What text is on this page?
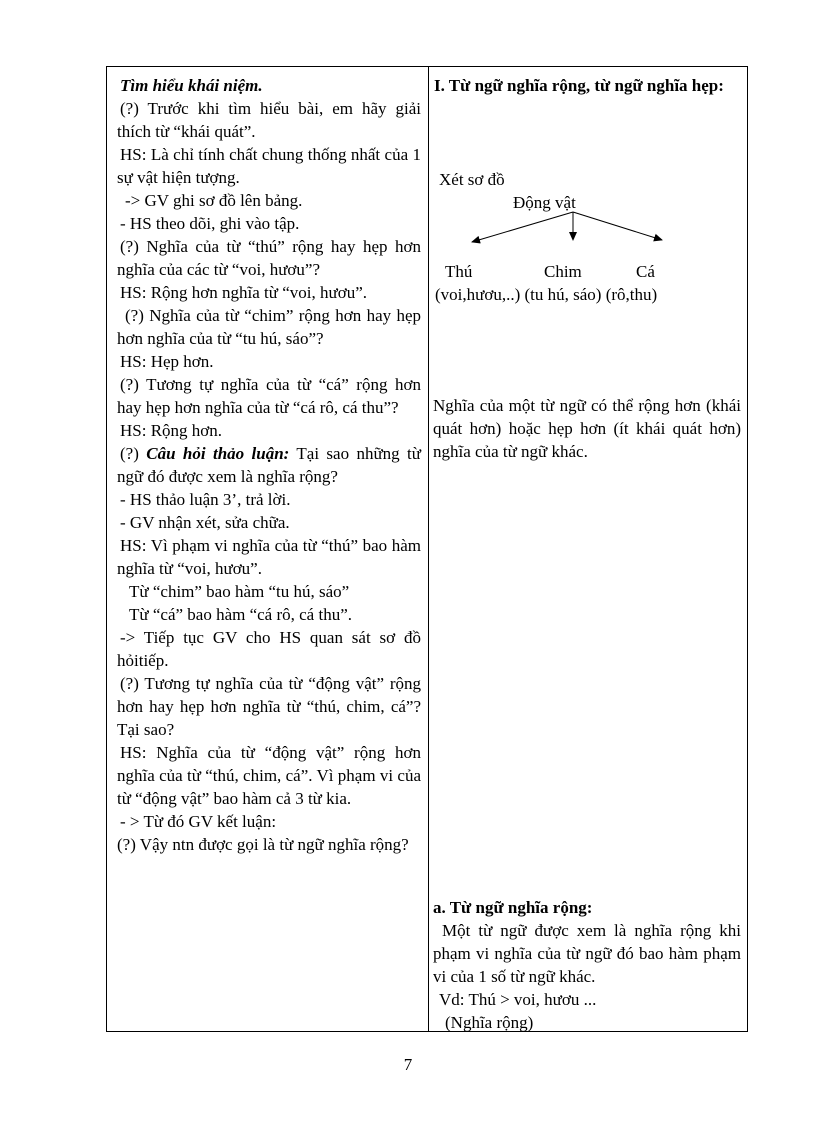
Tìm hiểu khái niệm.
(?) Trước khi tìm hiểu bài, em hãy giải thích từ “khái quát”.
HS: Là chỉ tính chất chung thống nhất của 1 sự vật hiện tượng.
-> GV ghi sơ đồ lên bảng.
- HS theo dõi, ghi vào tập.
(?) Nghĩa của từ “thú” rộng hay hẹp hơn nghĩa của các từ “voi, hươu”?
HS: Rộng hơn nghĩa từ “voi, hươu”.
(?) Nghĩa của từ “chim” rộng hơn hay hẹp hơn nghĩa của từ “tu hú, sáo”?
HS: Hẹp hơn.
(?) Tương tự nghĩa của từ “cá” rộng hơn hay hẹp hơn nghĩa của từ “cá rô, cá thu”?
HS: Rộng hơn.
(?) Câu hỏi thảo luận: Tại sao những từ ngữ đó được xem là nghĩa rộng?
- HS thảo luận 3’, trả lời.
- GV nhận xét, sửa chữa.
HS: Vì phạm vi nghĩa của từ “thú” bao hàm nghĩa từ “voi, hươu”.
Từ “chim” bao hàm “tu hú, sáo”
Từ “cá” bao hàm “cá rô, cá thu”.
-> Tiếp tục GV cho HS quan sát sơ đồ hỏitiếp.
(?) Tương tự nghĩa của từ “động vật” rộng hơn hay hẹp hơn nghĩa từ “thú, chim, cá”? Tại sao?
HS: Nghĩa của từ “động vật” rộng hơn nghĩa của từ “thú, chim, cá”. Vì phạm vi của từ “động vật” bao hàm cả 3 từ kia.
- > Từ đó GV kết luận:
(?) Vậy ntn được gọi là từ ngữ nghĩa rộng?
I. Từ ngữ nghĩa rộng, từ ngữ nghĩa hẹp:
Xét sơ đồ
Động vật
Thú	Chim	Cá
(voi,hươu,..) (tu hú, sáo) (rô,thu)
Nghĩa của một từ ngữ có thể rộng hơn (khái quát hơn) hoặc hẹp hơn (ít khái quát hơn) nghĩa của từ ngữ khác.
a. Từ ngữ nghĩa rộng:
Một từ ngữ được xem là nghĩa rộng khi phạm vi nghĩa của từ ngữ đó bao hàm phạm vi của 1 số từ ngữ khác.
Vd: Thú > voi, hươu ...
(Nghĩa rộng)
7
